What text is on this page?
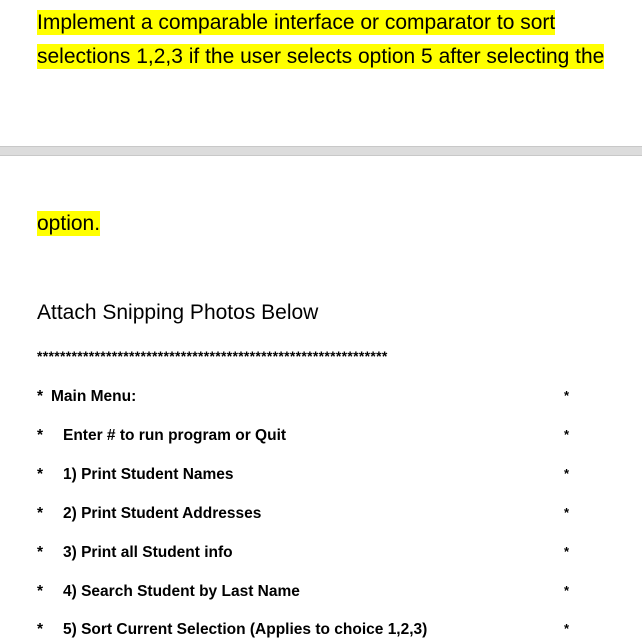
Implement a comparable interface or comparator to sort
selections 1,2,3 if the user selects option 5 after selecting the

option.

Attach Snipping Photos Below

*************************************************************
* Main Menu:	*
* Enter # to run program or Quit	*
* 1) Print Student Names	*
* 2) Print Student Addresses	*
* 3) Print all Student info	*
* 4) Search Student by Last Name	*
* 5) Sort Current Selection (Applies to choice 1,2,3)	*
